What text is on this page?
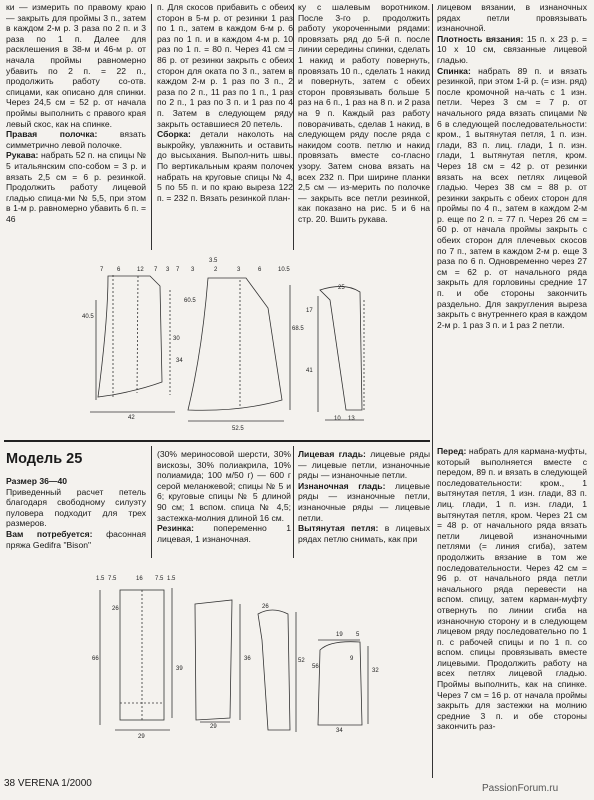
ки — измерить по правому краю — закрыть для проймы 3 п., затем в каждом 2-м р. 3 раза по 2 п. и 3 раза по 1 п. Далее для расклешения в 38-м и 46-м р. от начала проймы равномерно убавить по 2 п. = 22 п., продолжить работу со-отв. спицами, как описано для спинки. Через 24,5 см = 52 р. от начала проймы выполнить с правого края левый скос, как на спинке.

Правая полочка:	вязать симметрично левой полочке.

Рукава: набрать 52 п. на спицы № 5 итальянским спо-собом = 3 р. и вязать 2,5 см = 6 р. резинкой. Продолжить работу лицевой гладью спица-ми № 5,5, при этом в 1-м р. равномерно убавить 6 п. = 46

п. Для скосов прибавить с обеих сторон в 5-м р. от резинки 1 раз по 1 п., затем в каждом 6-м р. 6 раз по 1 п. и в каждом 4-м р. 10 раз по 1 п. = 80 п. Через 41 см = 86 р. от резинки закрыть с обеих сторон для оката по 3 п., затем в каждом 2-м р. 1 раз по 3 п., 2 раза по 2 п., 11 раз по 1 п., 1 раз по 2 п., 1 раз по 3 п. и 1 раз по 4 п. Затем в следующем ряду закрыть оставшиеся 20 петель.

Сборка: детали наколоть на выкройку, увлажнить и оставить до высыхания. Выпол-нить швы. По вертикальным краям полочек набрать на круговые спицы № 4, 5 по 55 п. и по краю выреза 122 п. = 232 п. Вязать резинкой план-

ку с шалевым воротником. После 3-го р. продолжить работу укороченными рядами: провязать ряд до 5-й п. после линии середины спинки, сделать 1 накид и работу повернуть, провязать 10 п., сделать 1 накид и повернуть, затем с обеих сторон провязывать больше 5 раз на 6 п., 1 раз на 8 п. и 2 раза на 9 п. Каждый раз работу поворачивать, сделав 1 накид, в следующем ряду после ряда с накидом соотв. петлю и накид провязать вместе со-гласно узору. Затем снова вязать на всех 232 п. При ширине планки 2,5 см — из-мерить по полочке — закрыть все петли резинкой, как показано на рис. 5 и 6 на стр. 20. Вшить рукава.

лицевом вязании, в изнаночных рядах петли провязывать изнаночной.

Плотность вязания: 15 п. х 23 р. = 10 х 10 см, связанные лицевой гладью.

Спинка: набрать 89 п. и вязать резинкой, при этом 1-й р. (= изн. ряд) после кромочной на-чать с 1 изн. петли. Через 3 см = 7 р. от начального ряда вязать спицами № 6 в следующей последовательности: кром., 1 вытянутая петля, 1 п. изн. глади, 83 п. лиц. глади, 1 п. изн. глади, 1 вытянутая петля, кром. Через 18 см = 42 р. от резинки вязать на всех петлях лицевой гладью. Через 38 см = 88 р. от резинки закрыть с обеих сторон для проймы по 4 п., затем в каждом 2-м р. еще по 2 п. = 77 п. Через 26 см = 60 р. от начала проймы закрыть с обеих сторон для плечевых скосов по 7 п., затем в каждом 2-м р. еще 3 раза по 6 п. Одновременно через 27 см = 62 р. от начального ряда закрыть для горловины средние 17 п. и обе стороны закончить раздельно. Для закругления выреза закрыть с внутреннего края в каждом 2-м р. 1 раз 3 п. и 1 раз 2 петли.

Модель 25

Размер 36—40

Приведенный расчет петель благодаря свободному силуэту пуловера подходит для трех размеров.

Вам потребуется: фасонная пряжа Gedifra "Bison"

(30% мериносовой шерсти, 30% вискозы, 30% полиакрила, 10% полиамида; 100 м/50 г) — 600 г серой меланжевой; спицы № 5 и 6; круговые спицы № 5 длиной 90 см; 1 вспом. спица № 4,5; застежка-молния длиной 16 см.

Резинка: попеременно 1 лицевая, 1 изнаночная.

Лицевая гладь: лицевые ряды — лицевые петли, изнаночные ряды — изнаночные петли.

Изнаночная гладь: лицевые ряды — изнаночные петли, изнаночные ряды — лицевые петли.

Вытянутая петля: в лицевых рядах петлю снимать, как при

Перед: набрать для кармана-муфты, который выполняется вместе с передом, 89 п. и вязать в следующей последовательности: кром., 1 вытянутая петля, 1 изн. глади, 83 п. лиц. глади, 1 п. изн. глади, 1 вытянутая петля, кром. Через 21 см = 48 р. от начального ряда вязать петли лицевой изнаночными петлями (= линия сгиба), затем продолжить вязание в том же последовательности. Через 42 см = 96 р. от начального ряда петли начального ряда перевести на вспом. спицу, затем карман-муфту отвернуть по линии сгиба на изнаночную сторону и в следующем лицевом ряду последовательно по 1 п. с рабочей спицы и по 1 п. со вспом. спицы провязывать вместе лицевыми. Продолжить работу на всех петлях лицевой гладью. Проймы выполнить, как на спинке. Через 7 см = 16 р. от начала проймы закрыть для застежки на молнию средние 3 п. и обе стороны закончить раз-

7 6	12 7 3 7
40.5
30
42
3.5
3	2	3	6	10.5
60.5
34
52.5
25
17
41
10 13
68.5
1.5 7.5	16 7.5 1.5
26
66
39
29
26
36	52
29
19 5
56
9
32
34
38 VERENA 1/2000	PassionForum.ru
